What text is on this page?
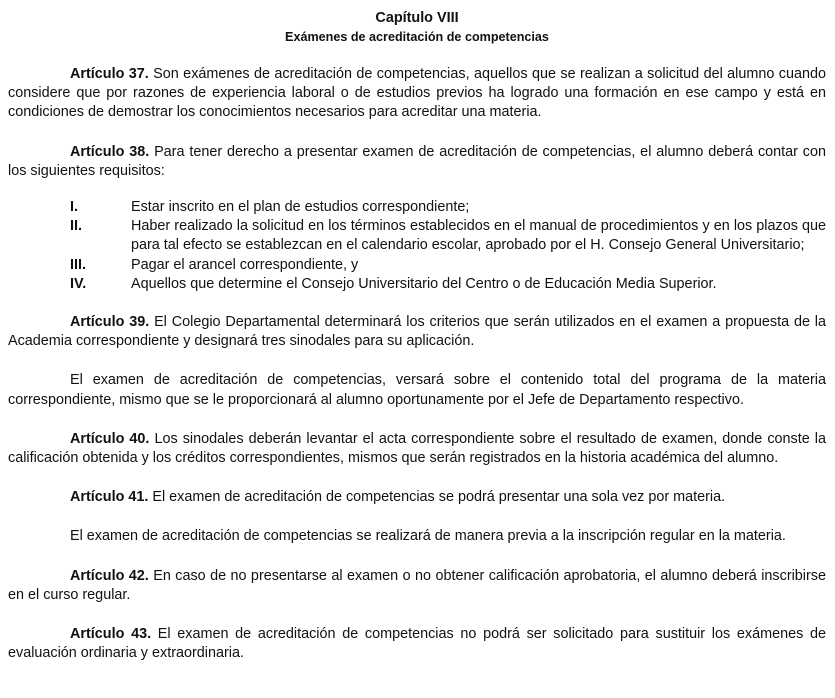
Capítulo VIII
Exámenes de acreditación de competencias

Artículo 37. Son exámenes de acreditación de competencias, aquellos que se realizan a solicitud del alumno cuando considere que por razones de experiencia laboral o de estudios previos ha logrado una formación en ese campo y está en condiciones de demostrar los conocimientos necesarios para acreditar una materia.

Artículo 38. Para tener derecho a presentar examen de acreditación de competencias, el alumno deberá contar con los siguientes requisitos:

I.	Estar inscrito en el plan de estudios correspondiente;
II.	Haber realizado la solicitud en los términos establecidos en el manual de procedimientos y en los plazos que para tal efecto se establezcan en el calendario escolar, aprobado por el H. Consejo General Universitario;
III.	Pagar el arancel correspondiente, y
IV.	Aquellos que determine el Consejo Universitario del Centro o de Educación Media Superior.

Artículo 39. El Colegio Departamental determinará los criterios que serán utilizados en el examen a propuesta de la Academia correspondiente y designará tres sinodales para su aplicación.

El examen de acreditación de competencias, versará sobre el contenido total del programa de la materia correspondiente, mismo que se le proporcionará al alumno oportunamente por el Jefe de Departamento respectivo.

Artículo 40. Los sinodales deberán levantar el acta correspondiente sobre el resultado de examen, donde conste la calificación obtenida y los créditos correspondientes, mismos que serán registrados en la historia académica del alumno.

Artículo 41. El examen de acreditación de competencias se podrá presentar una sola vez por materia.

El examen de acreditación de competencias se realizará de manera previa a la inscripción regular en la materia.

Artículo 42. En caso de no presentarse al examen o no obtener calificación aprobatoria, el alumno deberá inscribirse en el curso regular.

Artículo 43. El examen de acreditación de competencias no podrá ser solicitado para sustituir los exámenes de evaluación ordinaria y extraordinaria.
